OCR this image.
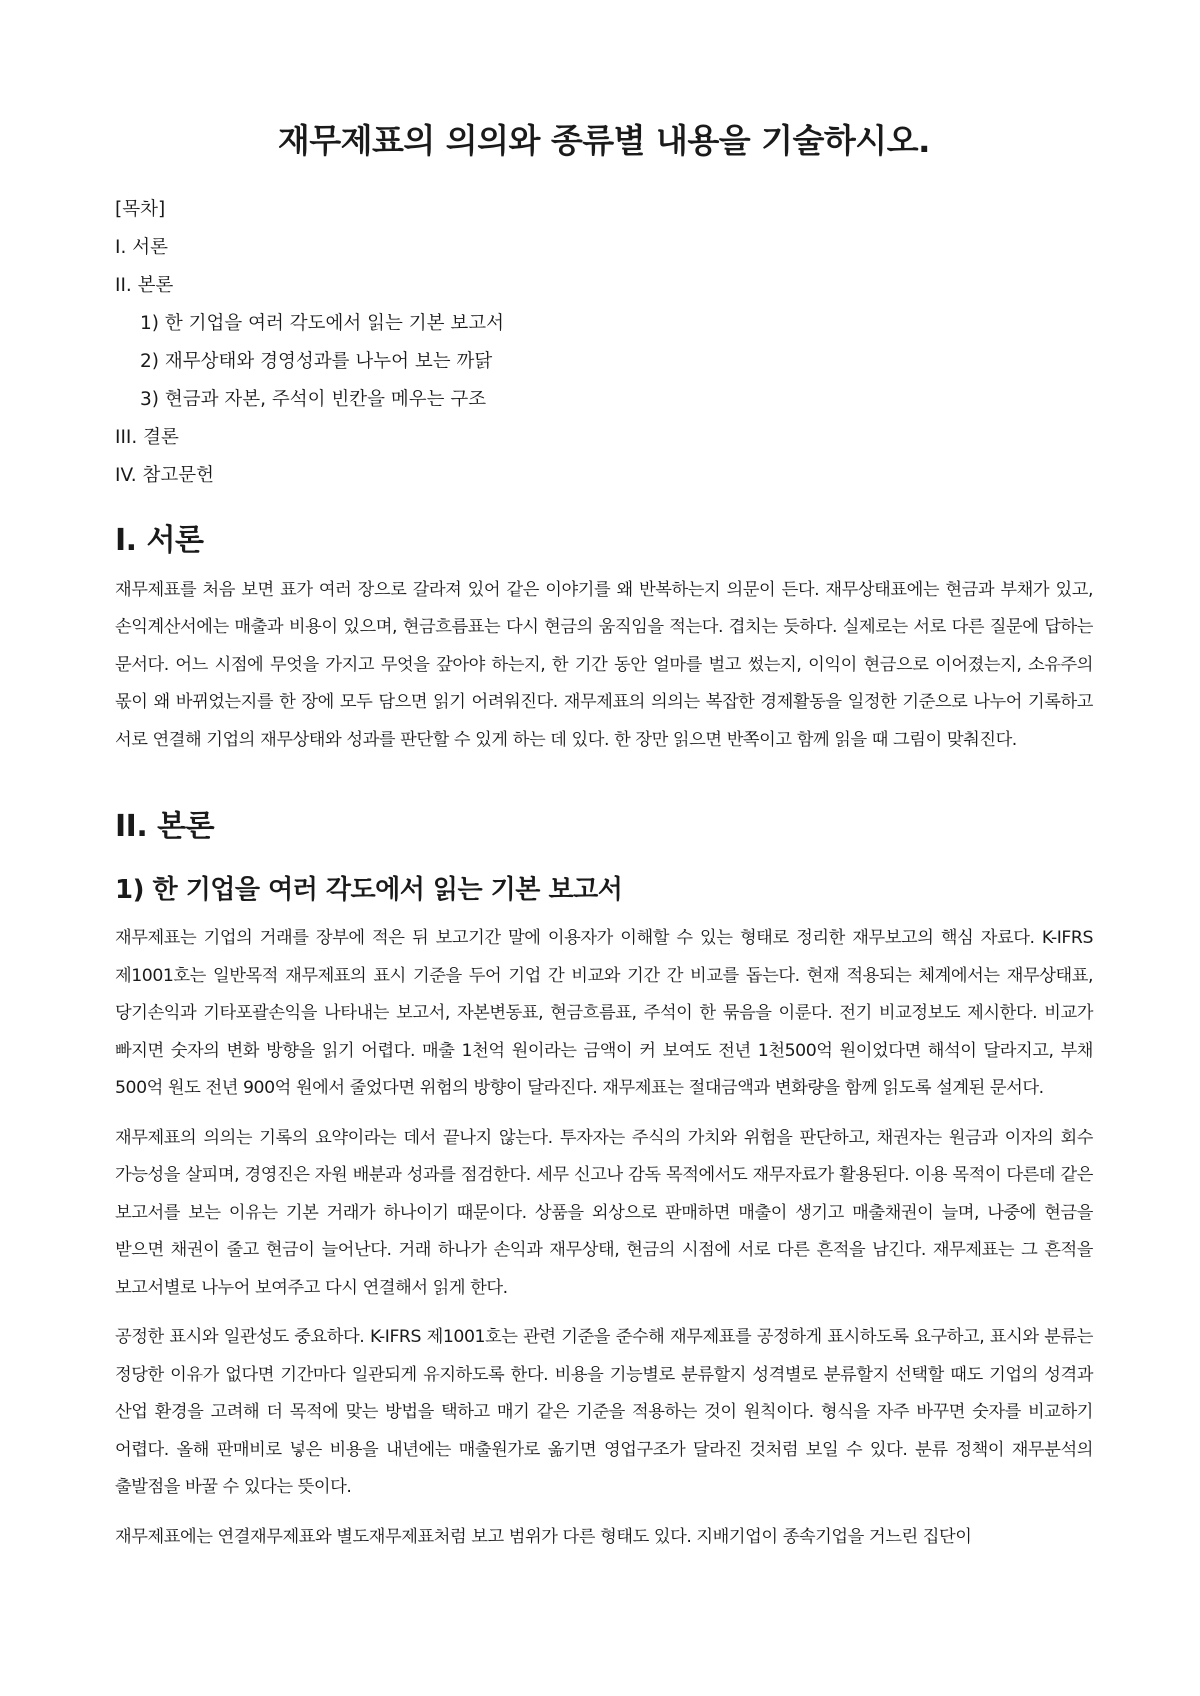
재무제표의 의의와 종류별 내용을 기술하시오.
[목차]
I. 서론
II. 본론
1) 한 기업을 여러 각도에서 읽는 기본 보고서
2) 재무상태와 경영성과를 나누어 보는 까닭
3) 현금과 자본, 주석이 빈칸을 메우는 구조
III. 결론
IV. 참고문헌
I. 서론

재무제표를 처음 보면 표가 여러 장으로 갈라져 있어 같은 이야기를 왜 반복하는지 의문이 든다. 재무상태표에는 현금과 부채가 있고, 손익계산서에는 매출과 비용이 있으며, 현금흐름표는 다시 현금의 움직임을 적는다. 겹치는 듯하다. 실제로는 서로 다른 질문에 답하는 문서다. 어느 시점에 무엇을 가지고 무엇을 갚아야 하는지, 한 기간 동안 얼마를 벌고 썼는지, 이익이 현금으로 이어졌는지, 소유주의 몫이 왜 바뀌었는지를 한 장에 모두 담으면 읽기 어려워진다. 재무제표의 의의는 복잡한 경제활동을 일정한 기준으로 나누어 기록하고 서로 연결해 기업의 재무상태와 성과를 판단할 수 있게 하는 데 있다. 한 장만 읽으면 반쪽이고 함께 읽을 때 그림이 맞춰진다.

II. 본론
1) 한 기업을 여러 각도에서 읽는 기본 보고서

재무제표는 기업의 거래를 장부에 적은 뒤 보고기간 말에 이용자가 이해할 수 있는 형태로 정리한 재무보고의 핵심 자료다. K-IFRS 제1001호는 일반목적 재무제표의 표시 기준을 두어 기업 간 비교와 기간 간 비교를 돕는다. 현재 적용되는 체계에서는 재무상태표, 당기손익과 기타포괄손익을 나타내는 보고서, 자본변동표, 현금흐름표, 주석이 한 묶음을 이룬다. 전기 비교정보도 제시한다. 비교가 빠지면 숫자의 변화 방향을 읽기 어렵다. 매출 1천억 원이라는 금액이 커 보여도 전년 1천500억 원이었다면 해석이 달라지고, 부채 500억 원도 전년 900억 원에서 줄었다면 위험의 방향이 달라진다. 재무제표는 절대금액과 변화량을 함께 읽도록 설계된 문서다.

재무제표의 의의는 기록의 요약이라는 데서 끝나지 않는다. 투자자는 주식의 가치와 위험을 판단하고, 채권자는 원금과 이자의 회수 가능성을 살피며, 경영진은 자원 배분과 성과를 점검한다. 세무 신고나 감독 목적에서도 재무자료가 활용된다. 이용 목적이 다른데 같은 보고서를 보는 이유는 기본 거래가 하나이기 때문이다. 상품을 외상으로 판매하면 매출이 생기고 매출채권이 늘며, 나중에 현금을 받으면 채권이 줄고 현금이 늘어난다. 거래 하나가 손익과 재무상태, 현금의 시점에 서로 다른 흔적을 남긴다. 재무제표는 그 흔적을 보고서별로 나누어 보여주고 다시 연결해서 읽게 한다.

공정한 표시와 일관성도 중요하다. K-IFRS 제1001호는 관련 기준을 준수해 재무제표를 공정하게 표시하도록 요구하고, 표시와 분류는 정당한 이유가 없다면 기간마다 일관되게 유지하도록 한다. 비용을 기능별로 분류할지 성격별로 분류할지 선택할 때도 기업의 성격과 산업 환경을 고려해 더 목적에 맞는 방법을 택하고 매기 같은 기준을 적용하는 것이 원칙이다. 형식을 자주 바꾸면 숫자를 비교하기 어렵다. 올해 판매비로 넣은 비용을 내년에는 매출원가로 옮기면 영업구조가 달라진 것처럼 보일 수 있다. 분류 정책이 재무분석의 출발점을 바꿀 수 있다는 뜻이다.

재무제표에는 연결재무제표와 별도재무제표처럼 보고 범위가 다른 형태도 있다. 지배기업이 종속기업을 거느린 집단이
